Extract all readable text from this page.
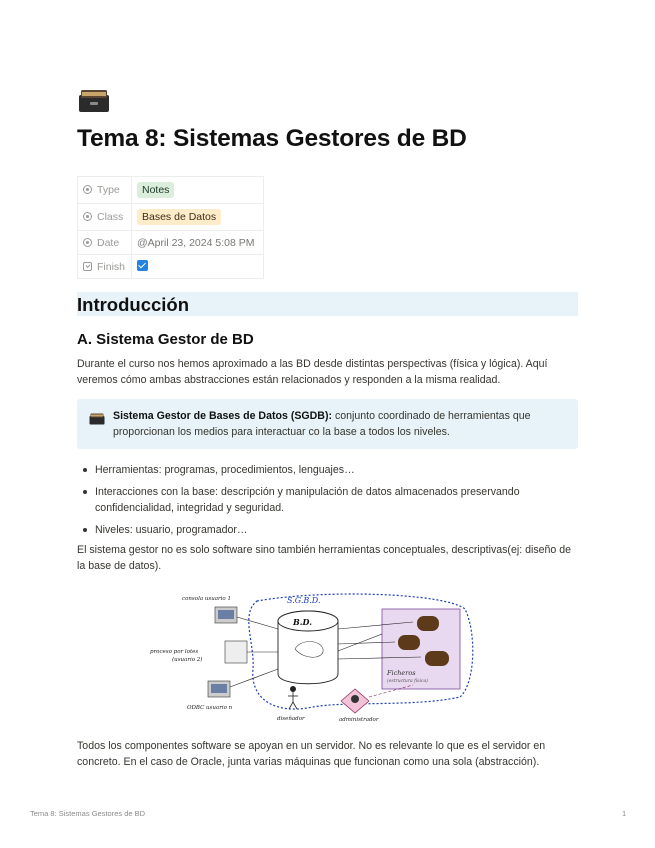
Tema 8: Sistemas Gestores de BD
Type	Notes
Class	Bases de Datos
Date	@April 23, 2024 5:08 PM
Finish	
Introducción
A. Sistema Gestor de BD
Durante el curso nos hemos aproximado a las BD desde distintas perspectivas (física y lógica). Aquí veremos cómo ambas abstracciones están relacionados y responden a la misma realidad.
Sistema Gestor de Bases de Datos (SGDB): conjunto coordinado de herramientas que proporcionan los medios para interactuar co la base a todos los niveles.
Herramientas: programas, procedimientos, lenguajes…
Interacciones con la base: descripción y manipulación de datos almacenados preservando confidencialidad, integridad y seguridad.
Niveles: usuario, programador…
El sistema gestor no es solo software sino también herramientas conceptuales, descriptivas(ej: diseño de la base de datos).
S.G.B.D.
Ficheros
(estructura física)
B.D.
consola usuario 1
proceso por lotes
(usuario 2)
ODBC usuario n
diseñador	administrador
Todos los componentes software se apoyan en un servidor. No es relevante lo que es el servidor en concreto. En el caso de Oracle, junta varias máquinas que funcionan como una sola (abstracción).
Tema 8: Sistemas Gestores de BD	1
